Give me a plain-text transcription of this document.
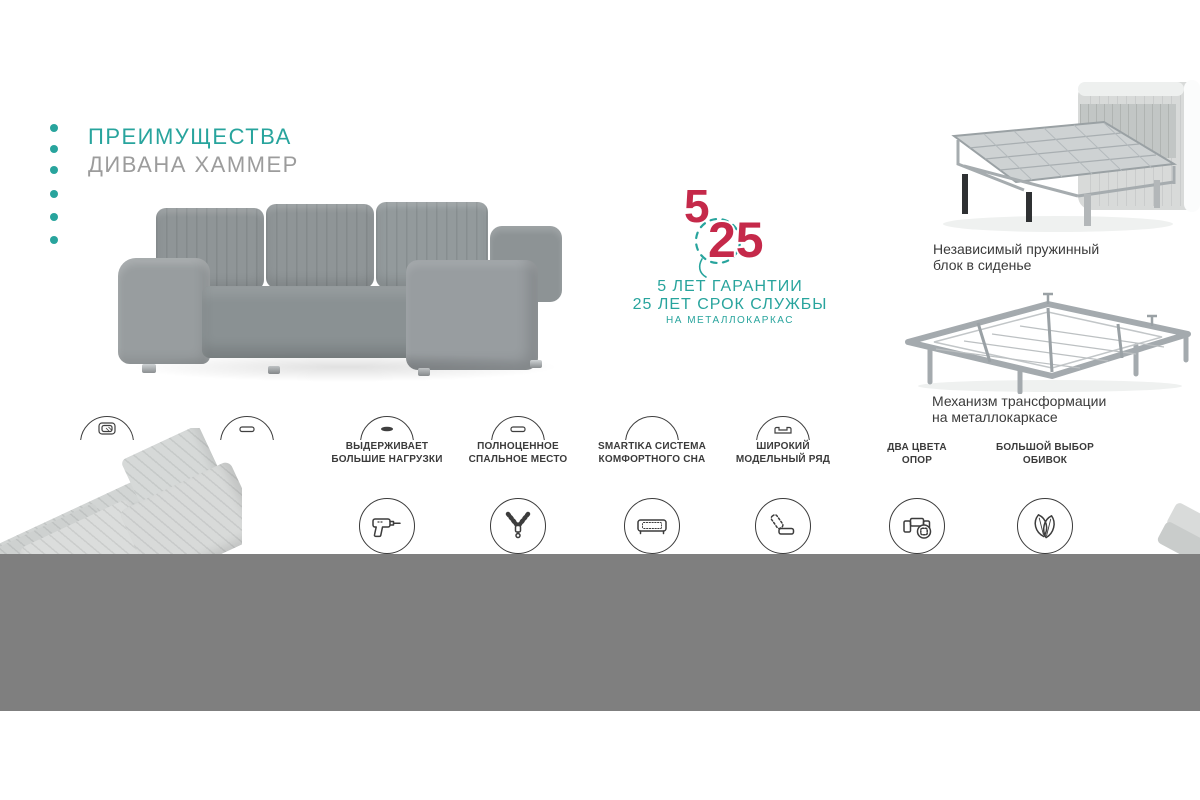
ПРЕИМУЩЕСТВА
ДИВАНА ХАММЕР
5
25
5 ЛЕТ ГАРАНТИИ
25 ЛЕТ СРОК СЛУЖБЫ
НА МЕТАЛЛОКАРКАС
Независимый пружинный
блок в сиденье
Механизм трансформации
на металлокаркасе
ВЫДЕРЖИВАЕТ
БОЛЬШИЕ НАГРУЗКИ
ПОЛНОЦЕННОЕ
СПАЛЬНОЕ МЕСТО
SMARTIKA СИСТЕМА
КОМФОРТНОГО СНА
ШИРОКИЙ
МОДЕЛЬНЫЙ РЯД
ДВА ЦВЕТА
ОПОР
БОЛЬШОЙ ВЫБОР
ОБИВОК
